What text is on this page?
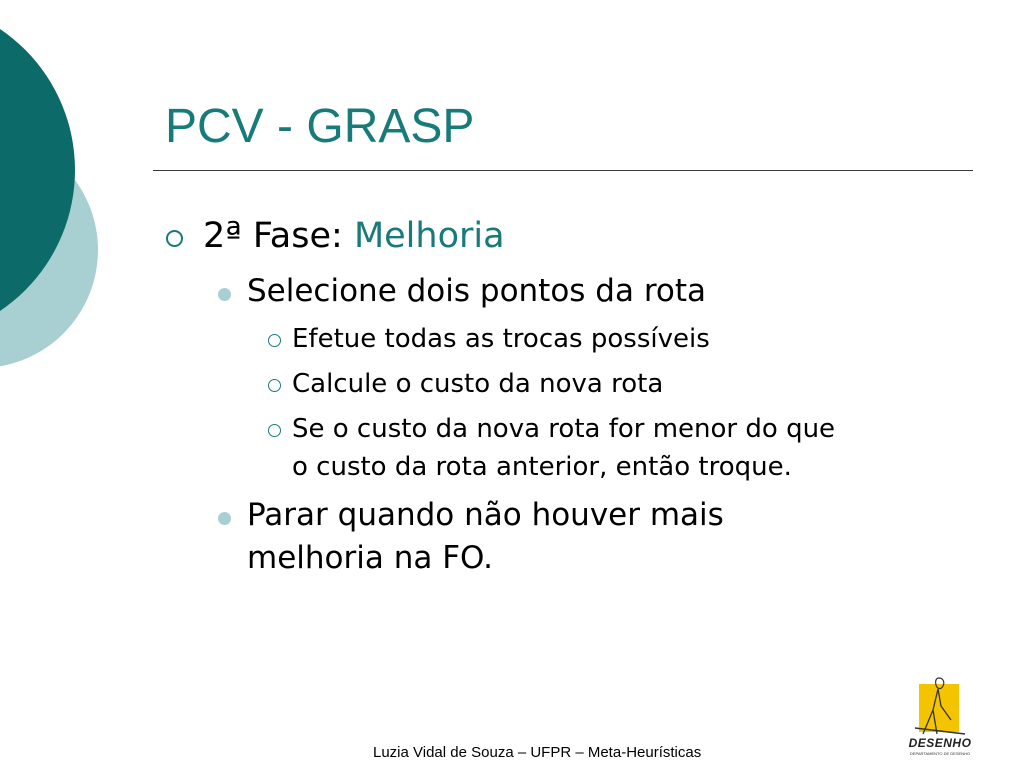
PCV - GRASP
2ª Fase: Melhoria
Selecione dois pontos da rota
Efetue todas as trocas possíveis
Calcule o custo da nova rota
Se o custo da nova rota for menor do que
o custo da rota anterior, então troque.
Parar quando não houver mais
melhoria na FO.
Luzia Vidal de Souza – UFPR – Meta-Heurísticas
DESENHO
DEPARTAMENTO DE DESENHO
